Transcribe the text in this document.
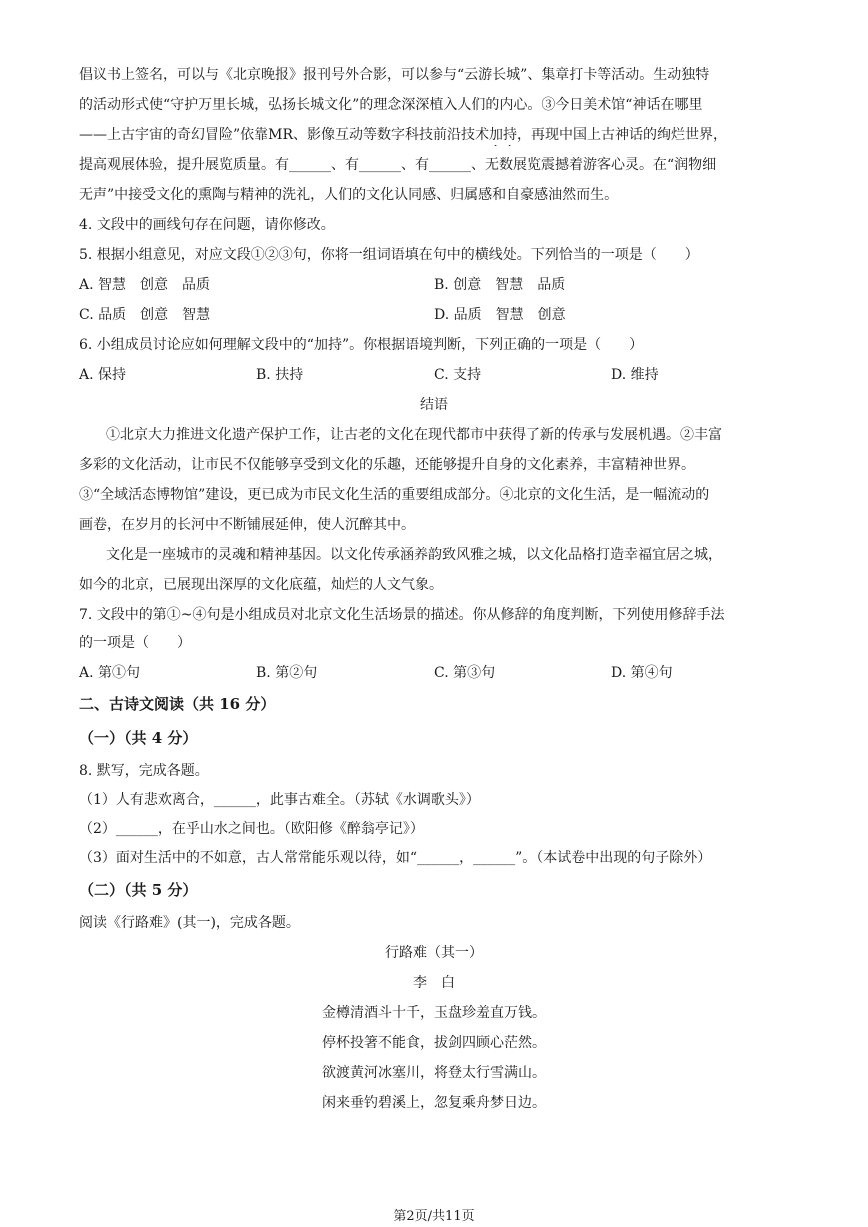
倡议书上签名，可以与《北京晚报》报刊号外合影，可以参与“云游长城”、集章打卡等活动。生动独特
的活动形式使“守护万里长城，弘扬长城文化”的理念深深植入人们的内心。③今日美术馆“神话在哪里
——上古宇宙的奇幻冒险”依靠MR、影像互动等数字科技前沿技术加持，再现中国上古神话的绚烂世界，
提高观展体验，提升展览质量。有______、有______、有______、无数展览震撼着游客心灵。在“润物细
无声”中接受文化的熏陶与精神的洗礼，人们的文化认同感、归属感和自豪感油然而生。
4. 文段中的画线句存在问题，请你修改。
5. 根据小组意见，对应文段①②③句，你将一组词语填在句中的横线处。下列恰当的一项是（　　）
A. 智慧　创意　品质	B. 创意　智慧　品质
C. 品质　创意　智慧	D. 品质　智慧　创意
6. 小组成员讨论应如何理解文段中的“加持”。你根据语境判断，下列正确的一项是（　　）
A. 保持	B. 扶持	C. 支持	D. 维持
结语
①北京大力推进文化遗产保护工作，让古老的文化在现代都市中获得了新的传承与发展机遇。②丰富
多彩的文化活动，让市民不仅能够享受到文化的乐趣，还能够提升自身的文化素养，丰富精神世界。
③“全域活态博物馆”建设，更已成为市民文化生活的重要组成部分。④北京的文化生活，是一幅流动的
画卷，在岁月的长河中不断铺展延伸，使人沉醉其中。
文化是一座城市的灵魂和精神基因。以文化传承涵养韵致风雅之城，以文化品格打造幸福宜居之城，
如今的北京，已展现出深厚的文化底蕴，灿烂的人文气象。
7. 文段中的第①~④句是小组成员对北京文化生活场景的描述。你从修辞的角度判断，下列使用修辞手法
的一项是（　　）
A. 第①句	B. 第②句	C. 第③句	D. 第④句
二、古诗文阅读（共 16 分）
（一）（共 4 分）
8. 默写，完成各题。
（1）人有悲欢离合，______，此事古难全。（苏轼《水调歌头》）
（2）______，在乎山水之间也。（欧阳修《醉翁亭记》）
（3）面对生活中的不如意，古人常常能乐观以待，如“______，______”。（本试卷中出现的句子除外）
（二）（共 5 分）
阅读《行路难》(其一)，完成各题。
行路难（其一）
李　白
金樽清酒斗十千，玉盘珍羞直万钱。
停杯投箸不能食，拔剑四顾心茫然。
欲渡黄河冰塞川，将登太行雪满山。
闲来垂钓碧溪上，忽复乘舟梦日边。
第2页/共11页
